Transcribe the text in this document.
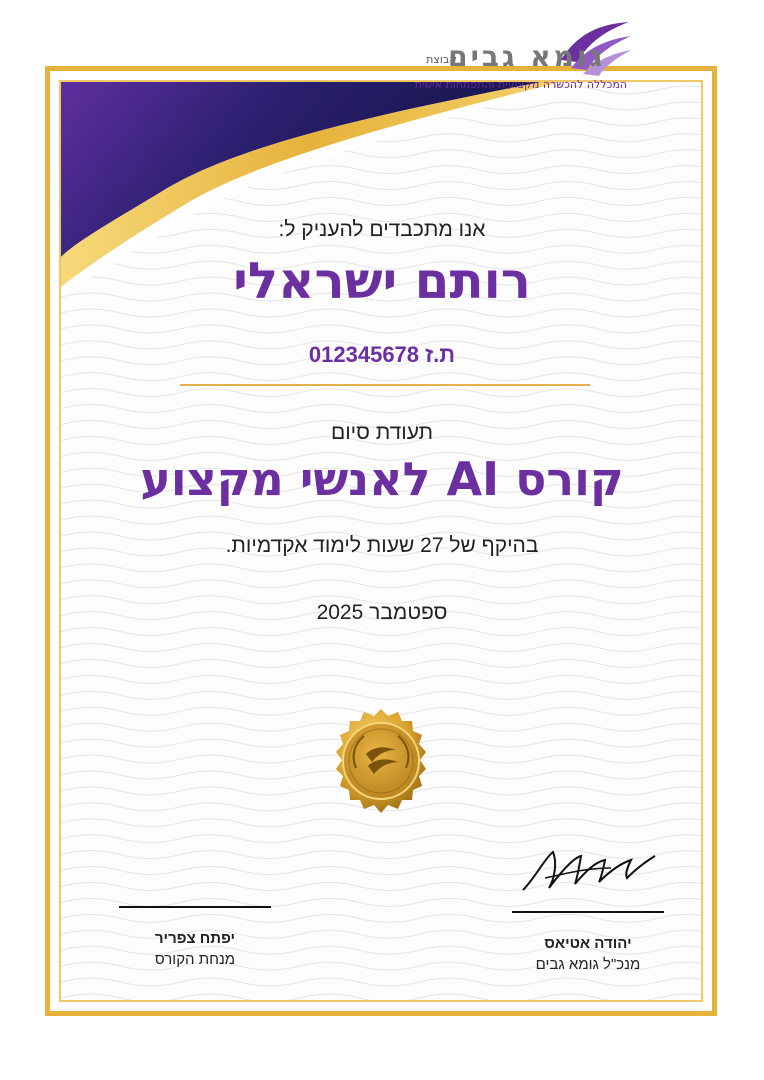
קבוצת
גומא גבים
המכללה להכשרה מקצועית והתפתחות אישית
אנו מתכבדים להעניק ל:
רותם ישראלי
ת.ז 012345678
תעודת סיום
קורס AI לאנשי מקצוע
בהיקף של 27 שעות לימוד אקדמיות.
ספטמבר 2025
יהודה אטיאס
מנכ"ל גומא גבים
יפתח צפריר
מנחת הקורס
